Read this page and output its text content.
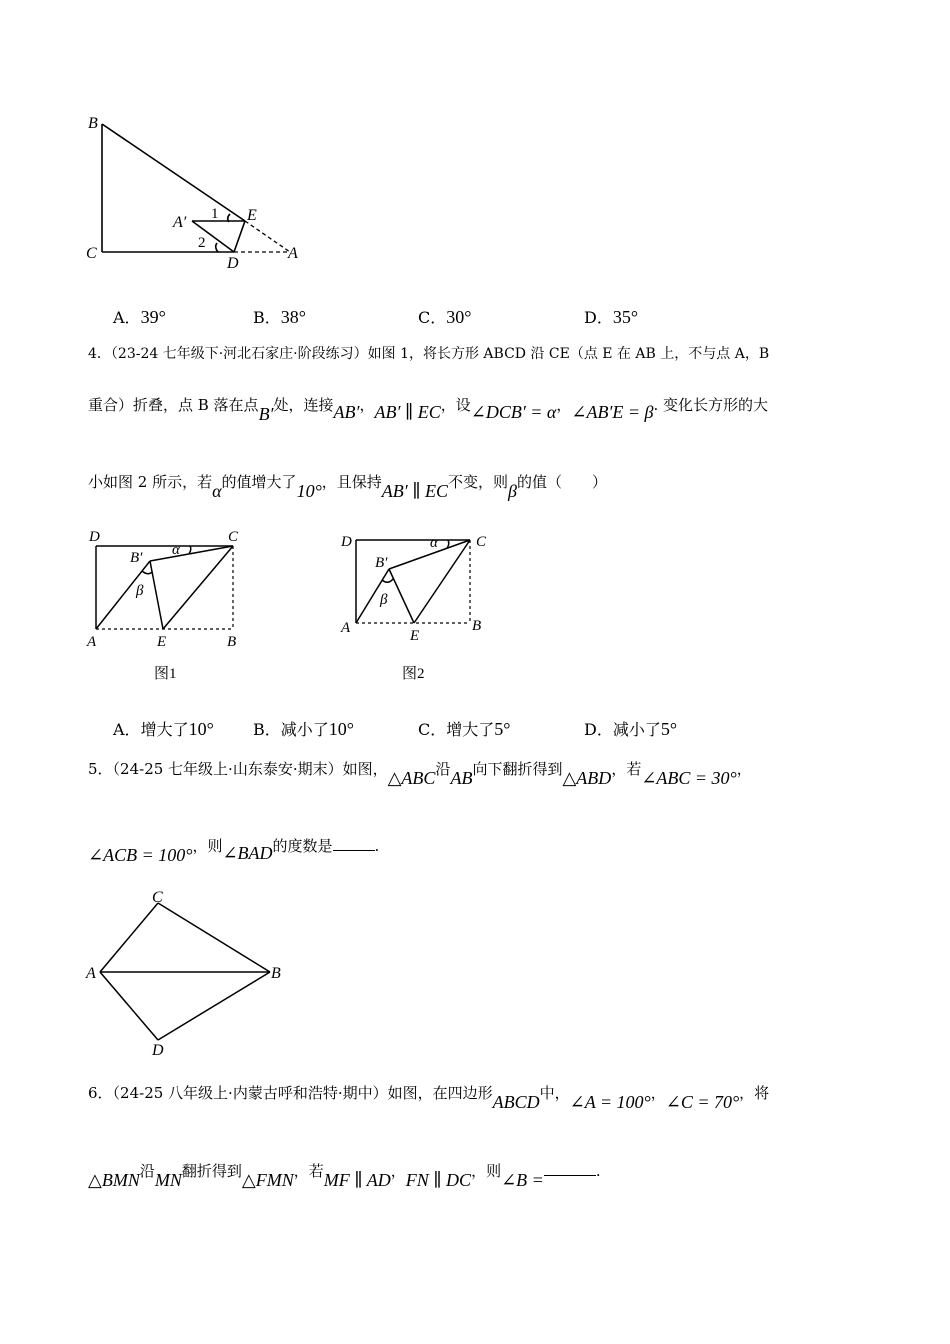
B
C
D
A
E
A′ 1
2
A．39°	B．38°	C．30°	D．35°
4．（23-24 七年级下·河北石家庄·阶段练习）如图 1，将长方形 ABCD 沿 CE（点 E 在 AB 上，不与点 A，B
重合）折叠，点 B 落在点B′处，连接AB′，AB′ ∥ EC，设∠DCB′ = α，∠AB′E = β. 变化长方形的大
小如图 2 所示，若α的值增大了10°，且保持AB′ ∥ EC不变，则β的值（　　）
D	C
A	E	B
B′ α
β
图1
D	C
A	E
B
B′
α
β
图2
A．增大了10° B．减小了10°	C．增大了5°	D．减小了5°
5．（24-25 七年级上·山东泰安·期末）如图，△ABC沿AB向下翻折得到△ABD，若∠ABC = 30°，
∠ACB = 100°，则∠BAD的度数是	.
C
A	B
D
6．（24-25 八年级上·内蒙古呼和浩特·期中）如图，在四边形ABCD中，∠A = 100°，∠C = 70°，将
△BMN沿MN翻折得到△FMN，若MF ∥ AD，FN ∥ DC，则∠B =	.
